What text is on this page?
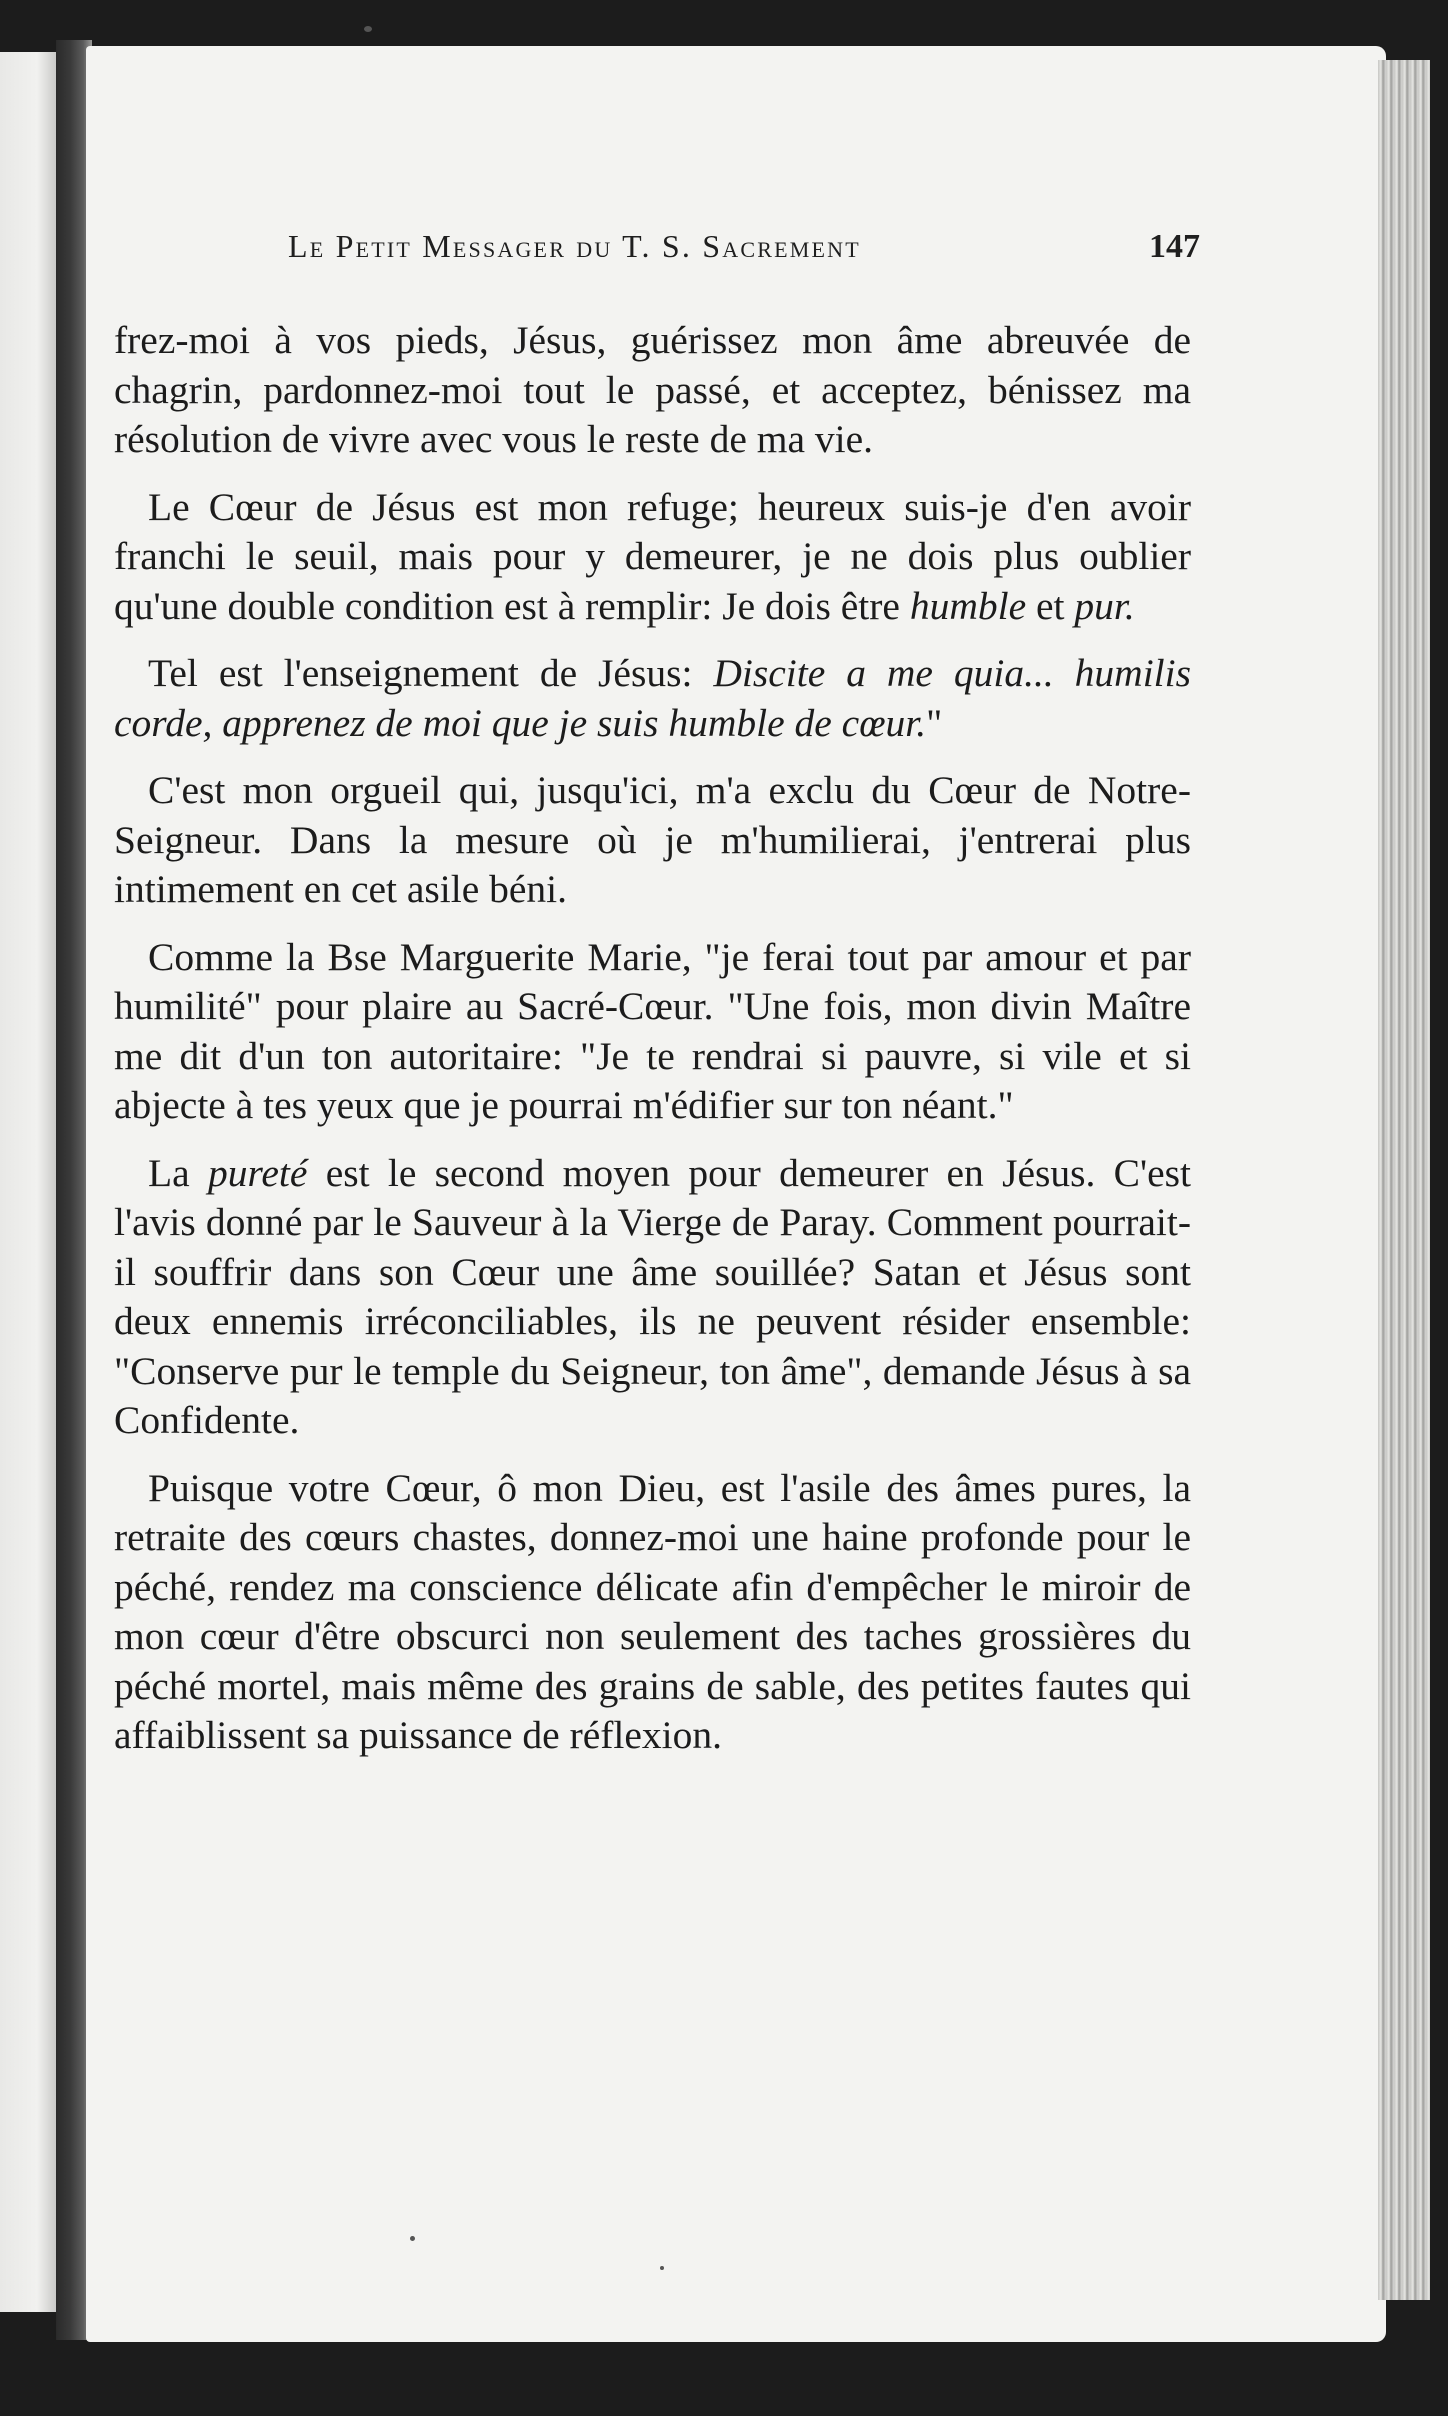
Le Petit Messager du T. S. Sacrement	147

frez-moi à vos pieds, Jésus, guérissez mon âme abreuvée de chagrin, pardonnez-moi tout le passé, et acceptez, bénissez ma résolution de vivre avec vous le reste de ma vie.

Le Cœur de Jésus est mon refuge; heureux suis-je d'en avoir franchi le seuil, mais pour y demeurer, je ne dois plus oublier qu'une double condition est à remplir: Je dois être humble et pur.

Tel est l'enseignement de Jésus: Discite a me quia... humilis corde, apprenez de moi que je suis humble de cœur."

C'est mon orgueil qui, jusqu'ici, m'a exclu du Cœur de Notre-Seigneur. Dans la mesure où je m'humilierai, j'entrerai plus intimement en cet asile béni.

Comme la Bse Marguerite Marie, "je ferai tout par amour et par humilité" pour plaire au Sacré-Cœur. "Une fois, mon divin Maître me dit d'un ton autoritaire: "Je te rendrai si pauvre, si vile et si abjecte à tes yeux que je pourrai m'édifier sur ton néant."

La pureté est le second moyen pour demeurer en Jésus. C'est l'avis donné par le Sauveur à la Vierge de Paray. Comment pourrait-il souffrir dans son Cœur une âme souillée? Satan et Jésus sont deux ennemis irréconciliables, ils ne peuvent résider ensemble: "Conserve pur le temple du Seigneur, ton âme", demande Jésus à sa Confidente.

Puisque votre Cœur, ô mon Dieu, est l'asile des âmes pures, la retraite des cœurs chastes, donnez-moi une haine profonde pour le péché, rendez ma conscience délicate afin d'empêcher le miroir de mon cœur d'être obscurci non seulement des taches grossières du péché mortel, mais même des grains de sable, des petites fautes qui affaiblissent sa puissance de réflexion.
